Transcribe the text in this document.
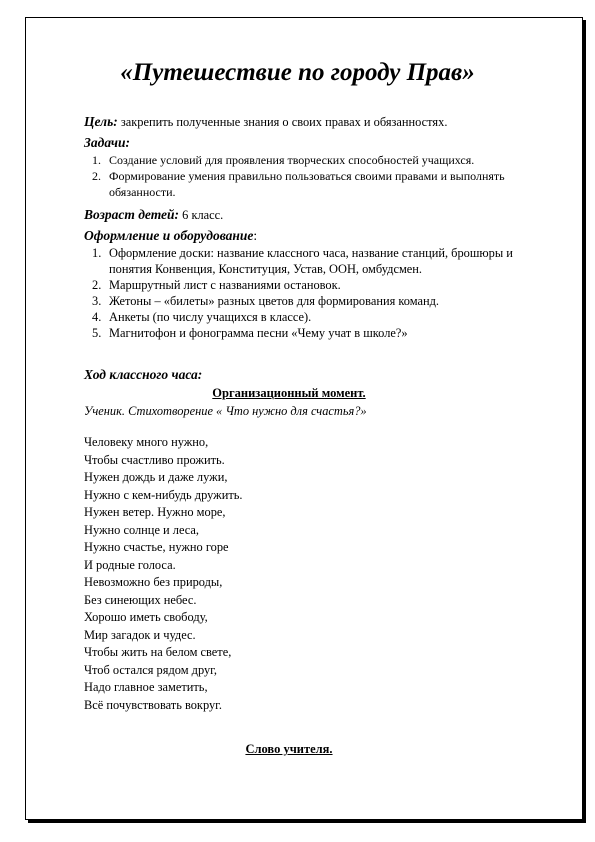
«Путешествие по городу Прав»
Цель: закрепить полученные знания о своих правах и обязанностях.
Задачи:
1. Создание условий для проявления творческих способностей учащихся.
2. Формирование умения правильно пользоваться своими правами и выполнять обязанности.
Возраст детей: 6 класс.
Оформление и оборудование:
1. Оформление доски: название классного часа, название станций, брошюры и понятия Конвенция, Конституция, Устав, ООН, омбудсмен.
2. Маршрутный лист с названиями остановок.
3. Жетоны – «билеты» разных цветов для формирования команд.
4. Анкеты (по числу учащихся в классе).
5. Магнитофон и фонограмма песни «Чему учат в школе?»
Ход классного часа:
Организационный момент.
Ученик. Стихотворение « Что нужно для счастья?»
Человеку много нужно,
Чтобы счастливо прожить.
Нужен дождь и даже лужи,
Нужно с кем-нибудь дружить.
Нужен ветер. Нужно море,
Нужно солнце и леса,
Нужно счастье, нужно горе
И родные голоса.
Невозможно без природы,
Без синеющих небес.
Хорошо иметь свободу,
Мир загадок и чудес.
Чтобы жить на белом свете,
Чтоб остался рядом друг,
Надо главное заметить,
Всё почувствовать вокруг.
Слово учителя.
